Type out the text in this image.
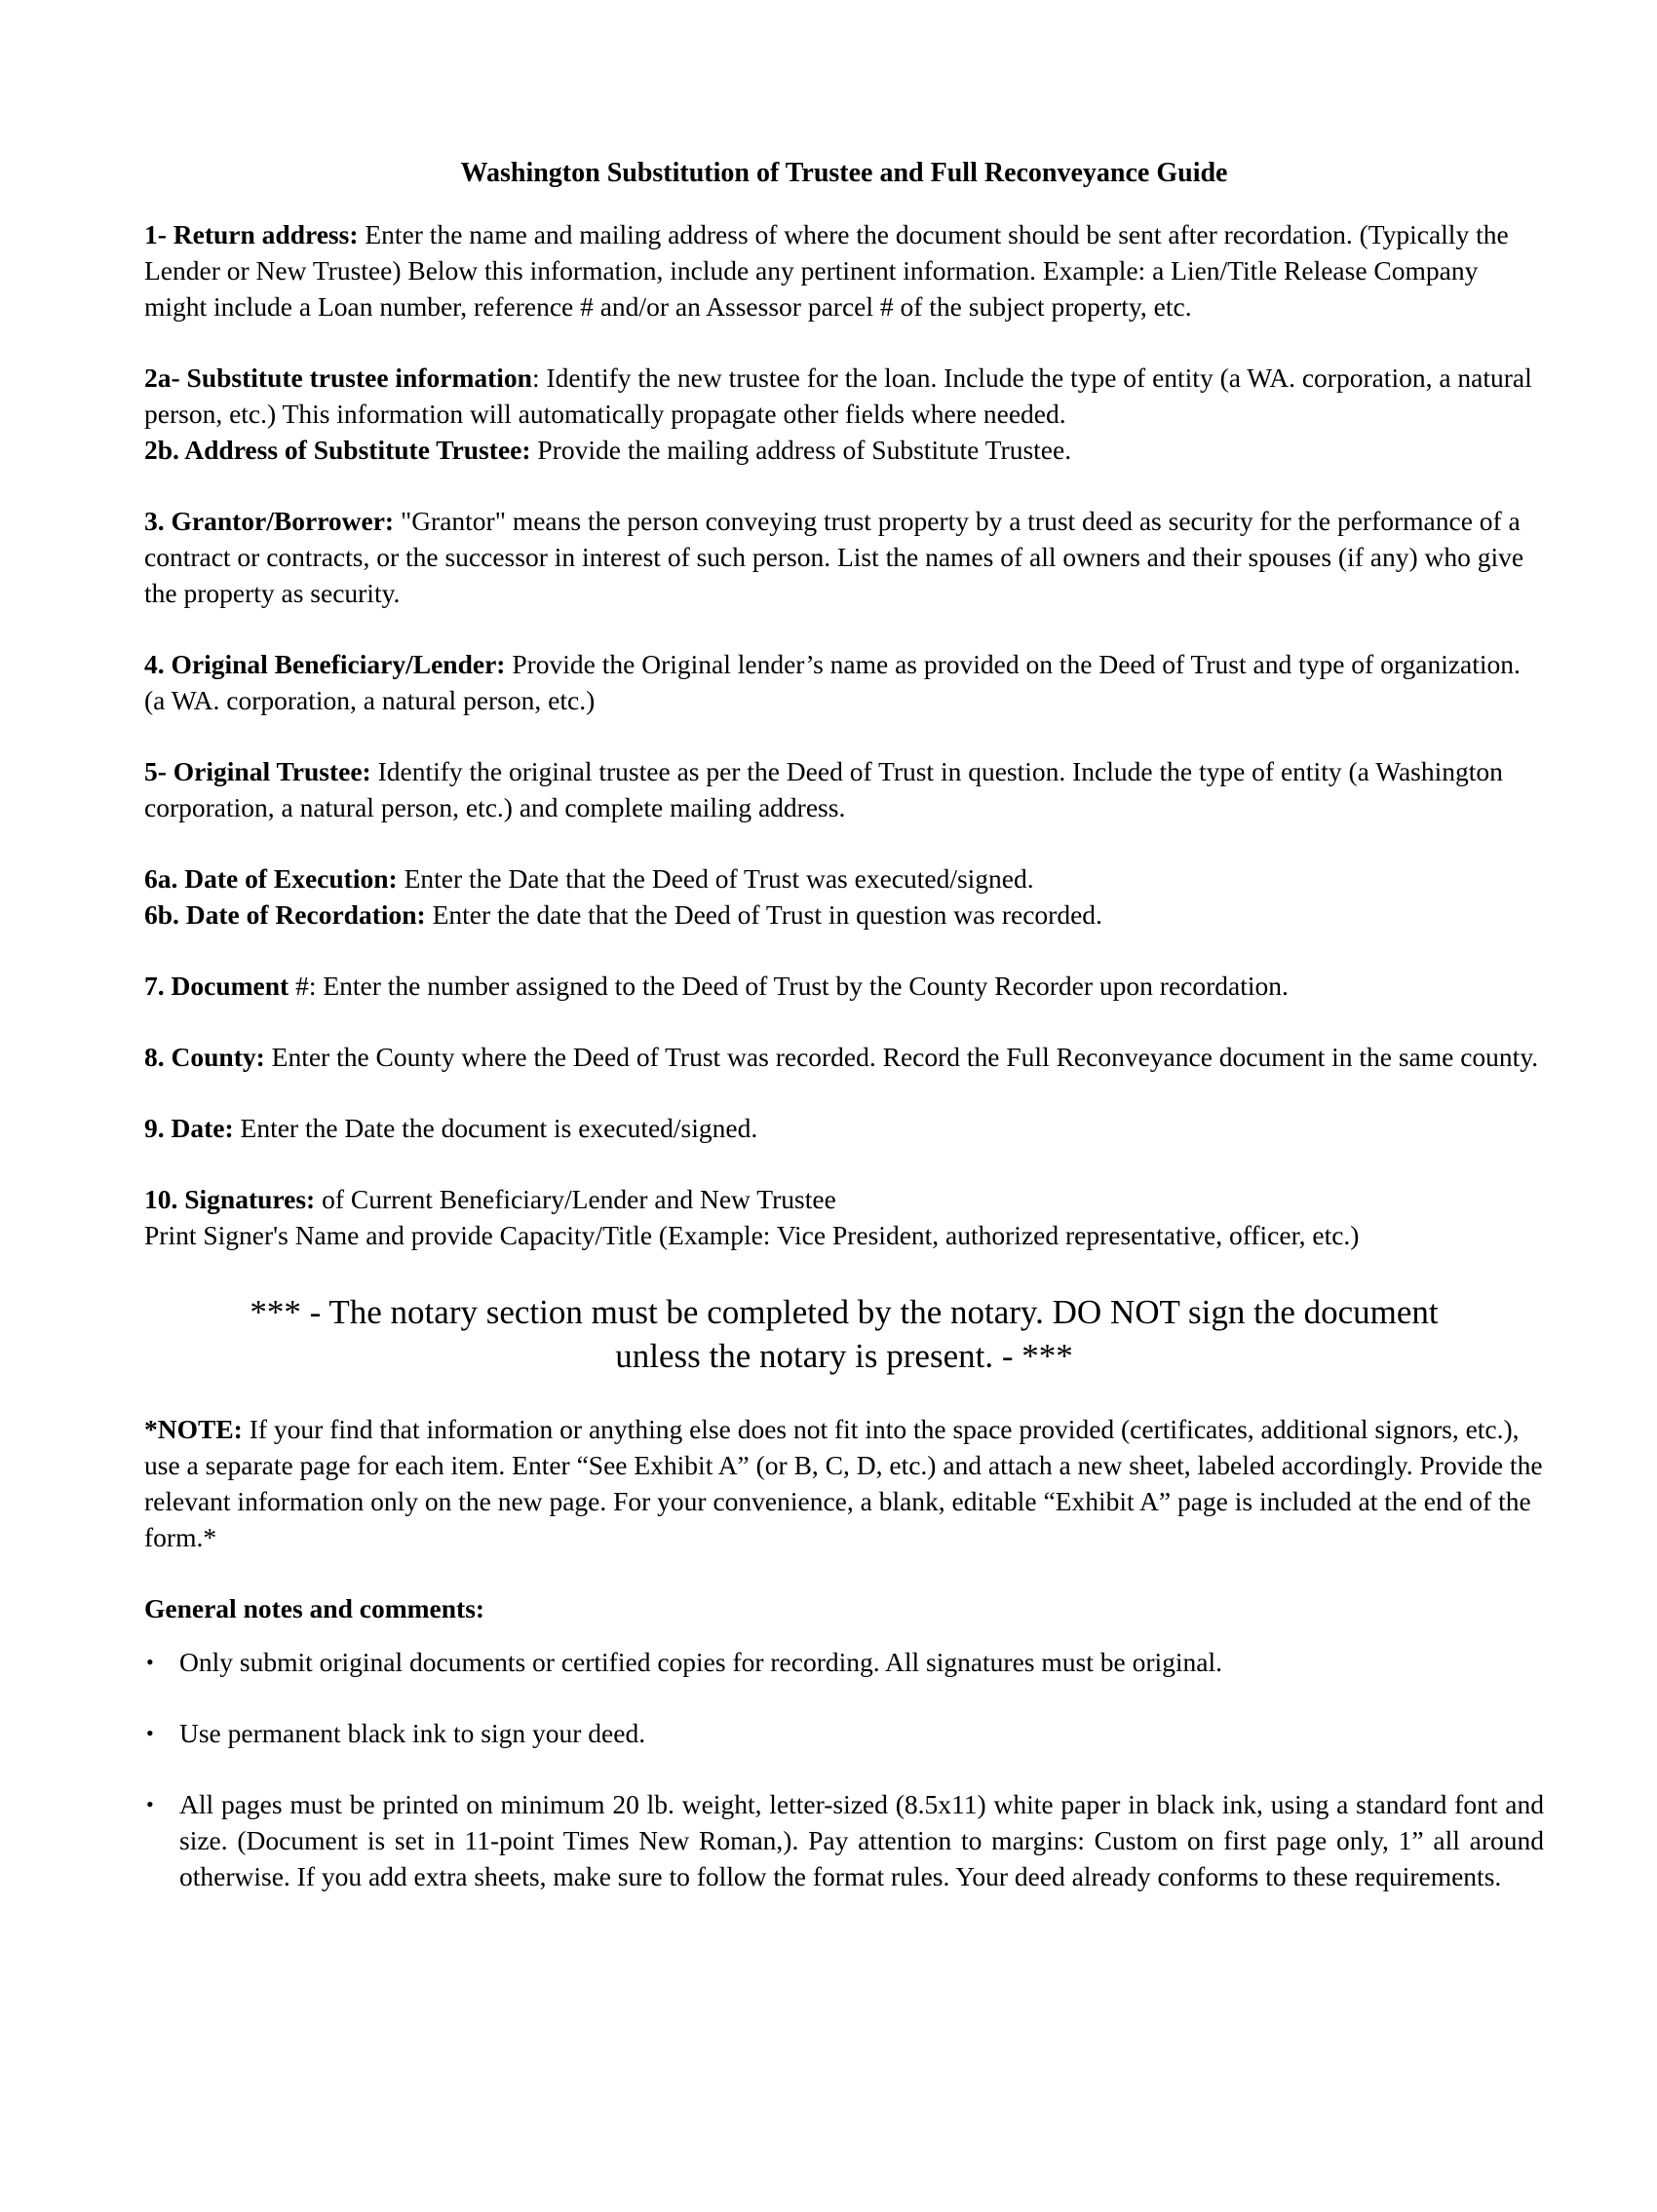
Washington Substitution of Trustee and Full Reconveyance Guide

1- Return address: Enter the name and mailing address of where the document should be sent after recordation. (Typically the Lender or New Trustee) Below this information, include any pertinent information. Example: a Lien/Title Release Company might include a Loan number, reference # and/or an Assessor parcel # of the subject property, etc.

2a- Substitute trustee information: Identify the new trustee for the loan. Include the type of entity (a WA. corporation, a natural person, etc.) This information will automatically propagate other fields where needed.

2b. Address of Substitute Trustee: Provide the mailing address of Substitute Trustee.

3. Grantor/Borrower: "Grantor" means the person conveying trust property by a trust deed as security for the performance of a contract or contracts, or the successor in interest of such person. List the names of all owners and their spouses (if any) who give the property as security.

4. Original Beneficiary/Lender: Provide the Original lender’s name as provided on the Deed of Trust and type of organization. (a WA. corporation, a natural person, etc.)

5- Original Trustee: Identify the original trustee as per the Deed of Trust in question. Include the type of entity (a Washington corporation, a natural person, etc.) and complete mailing address.

6a. Date of Execution: Enter the Date that the Deed of Trust was executed/signed.

6b. Date of Recordation: Enter the date that the Deed of Trust in question was recorded.

7. Document #: Enter the number assigned to the Deed of Trust by the County Recorder upon recordation.

8. County: Enter the County where the Deed of Trust was recorded. Record the Full Reconveyance document in the same county.

9. Date: Enter the Date the document is executed/signed.

10. Signatures: of Current Beneficiary/Lender and New Trustee
Print Signer's Name and provide Capacity/Title (Example: Vice President, authorized representative, officer, etc.)

*** - The notary section must be completed by the notary. DO NOT sign the document
unless the notary is present. - ***

*NOTE: If your find that information or anything else does not fit into the space provided (certificates, additional signors, etc.), use a separate page for each item. Enter “See Exhibit A” (or B, C, D, etc.) and attach a new sheet, labeled accordingly. Provide the relevant information only on the new page. For your convenience, a blank, editable “Exhibit A” page is included at the end of the form.*

General notes and comments:
• Only submit original documents or certified copies for recording. All signatures must be original.
• Use permanent black ink to sign your deed.
• All pages must be printed on minimum 20 lb. weight, letter-sized (8.5x11) white paper in black ink, using a standard font and size. (Document is set in 11-point Times New Roman,). Pay attention to margins: Custom on first page only, 1” all around otherwise. If you add extra sheets, make sure to follow the format rules. Your deed already conforms to these requirements.
